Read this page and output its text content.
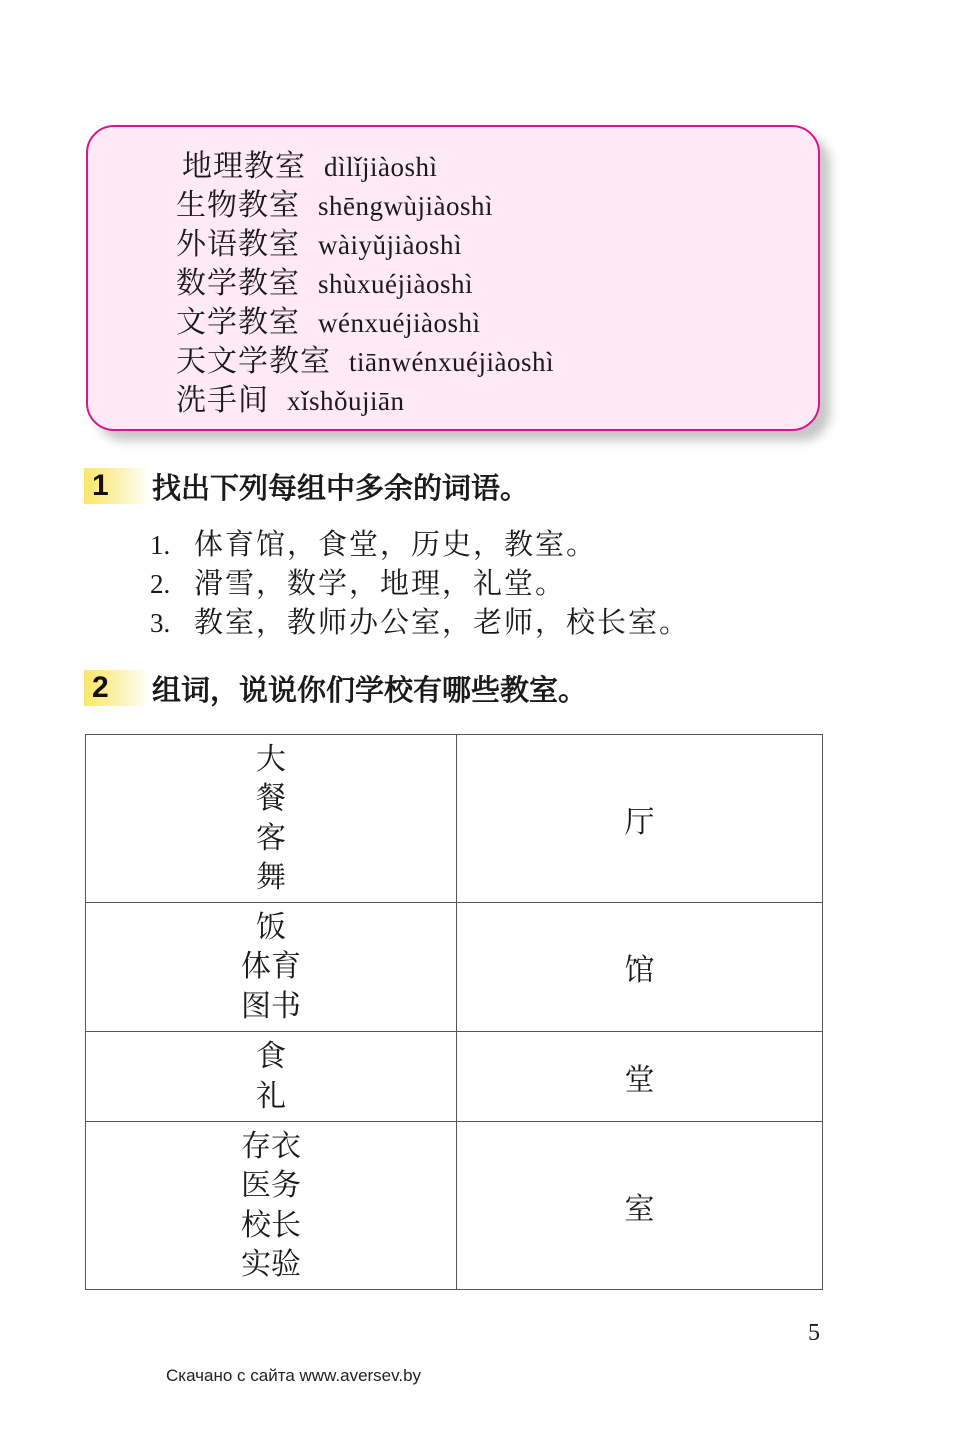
地理教室 dìlǐjiàoshì
生物教室 shēngwùjiàoshì
外语教室 wàiyǔjiàoshì
数学教室 shùxuéjiàoshì
文学教室 wénxuéjiàoshì
天文学教室 tiānwénxuéjiàoshì
洗手间 xǐshǒujiān
1	找出下列每组中多余的词语。
1. 体育馆，食堂，历史，教室。
2. 滑雪，数学，地理，礼堂。
3. 教室，教师办公室，老师，校长室。
2	组词，说说你们学校有哪些教室。
大
餐
客
舞	厅

饭
体育
图书	馆

食
礼	堂

存衣
医务
校长
实验	室
5
Скачано с сайта www.aversev.by
